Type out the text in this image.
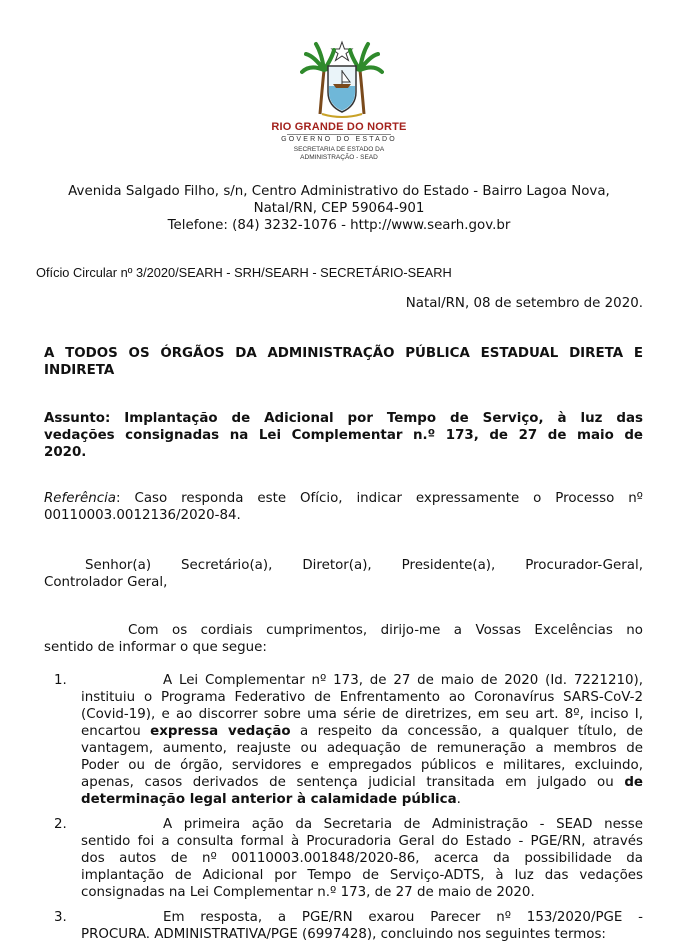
RIO GRANDE DO NORTE
GOVERNO DO ESTADO
SECRETARIA DE ESTADO DA
ADMINISTRAÇÃO - SEAD
Avenida Salgado Filho, s/n, Centro Administrativo do Estado - Bairro Lagoa Nova,
Natal/RN, CEP 59064-901
Telefone: (84) 3232-1076 - http://www.searh.gov.br
Ofício Circular nº 3/2020/SEARH - SRH/SEARH - SECRETÁRIO-SEARH
Natal/RN, 08 de setembro de 2020.
A TODOS OS ÓRGÃOS DA ADMINISTRAÇÃO PÚBLICA ESTADUAL DIRETA E
INDIRETA
Assunto: Implantação de Adicional por Tempo de Serviço, à luz das
vedações consignadas na Lei Complementar n.º 173, de 27 de maio de
2020.
Referência: Caso responda este Ofício, indicar expressamente o Processo nº
00110003.0012136/2020-84.
Senhor(a) Secretário(a), Diretor(a), Presidente(a), Procurador-Geral,
Controlador Geral,
Com os cordiais cumprimentos, dirijo-me a Vossas Excelências no
sentido de informar o que segue:
1.	A Lei Complementar nº 173, de 27 de maio de 2020 (Id. 7221210),
instituiu o Programa Federativo de Enfrentamento ao Coronavírus SARS-CoV-2
(Covid-19), e ao discorrer sobre uma série de diretrizes, em seu art. 8º, inciso I,
encartou expressa vedação a respeito da concessão, a qualquer título, de
vantagem, aumento, reajuste ou adequação de remuneração a membros de
Poder ou de órgão, servidores e empregados públicos e militares, excluindo,
apenas, casos derivados de sentença judicial transitada em julgado ou de
determinação legal anterior à calamidade pública.
2.	A primeira ação da Secretaria de Administração - SEAD nesse
sentido foi a consulta formal à Procuradoria Geral do Estado - PGE/RN, através
dos autos de nº 00110003.001848/2020-86, acerca da possibilidade da
implantação de Adicional por Tempo de Serviço-ADTS, à luz das vedações
consignadas na Lei Complementar n.º 173, de 27 de maio de 2020.
3.	Em resposta, a PGE/RN exarou Parecer nº 153/2020/PGE -
PROCURA. ADMINISTRATIVA/PGE (6997428), concluindo nos seguintes termos:
